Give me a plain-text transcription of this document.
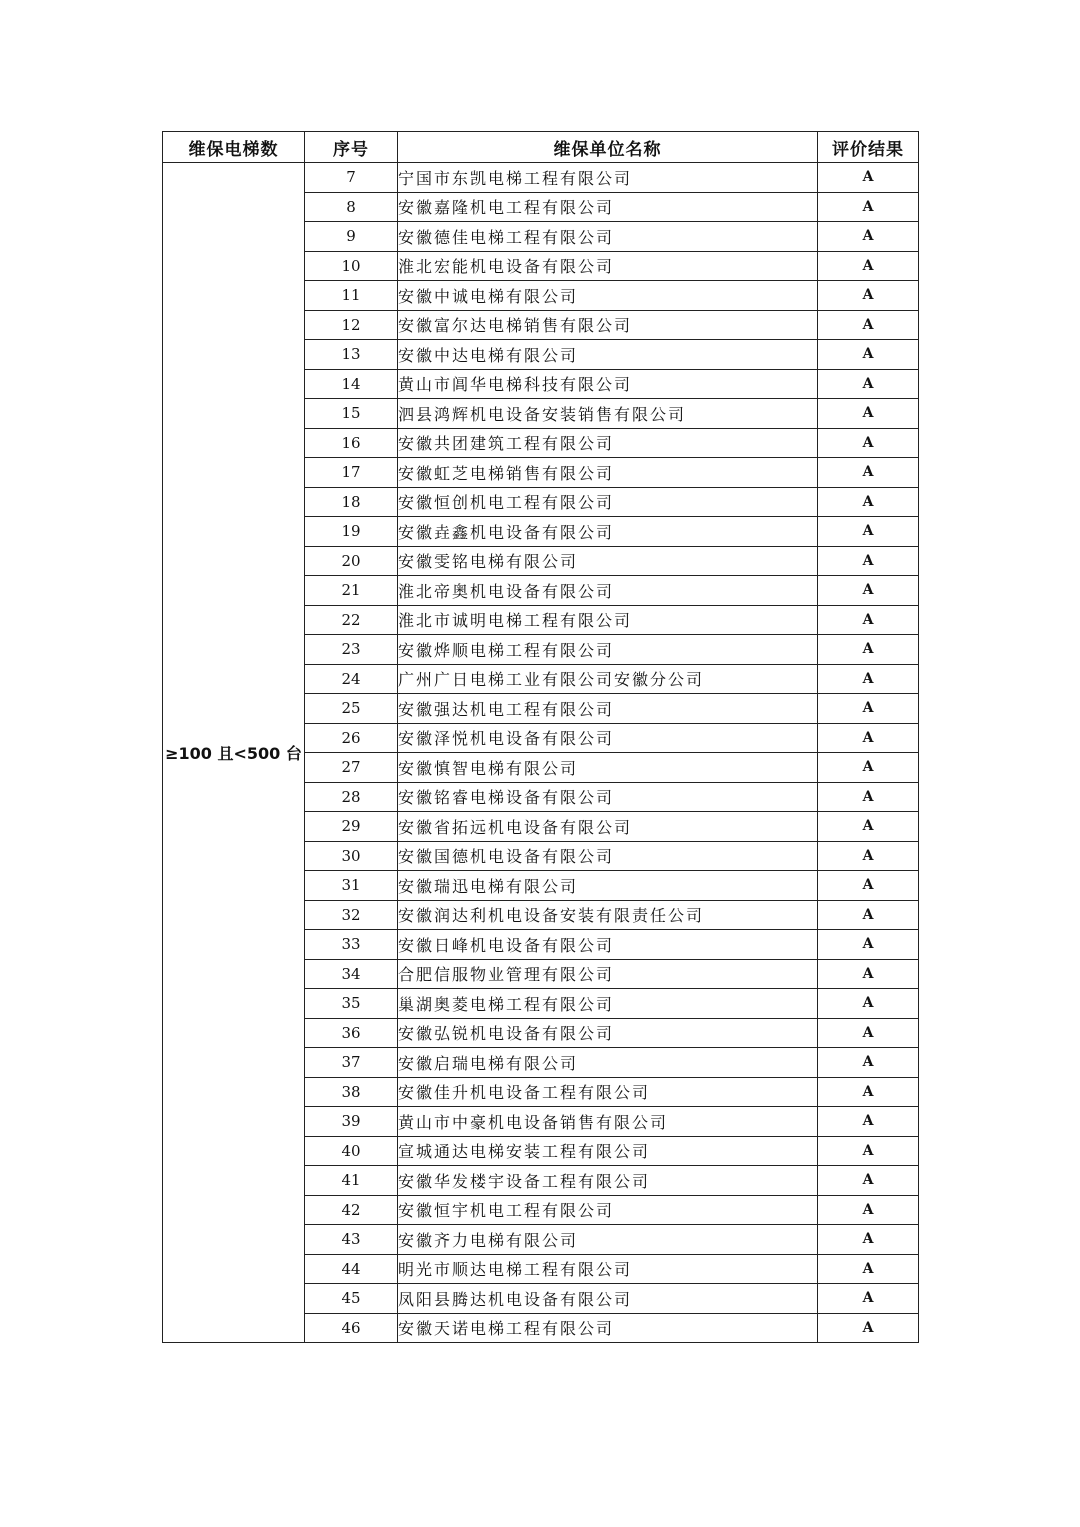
维保电梯数	序号	维保单位名称	评价结果
≥100 且<500 台	7	宁国市东凯电梯工程有限公司	A
	8	安徽嘉隆机电工程有限公司	A
	9	安徽德佳电梯工程有限公司	A
	10	淮北宏能机电设备有限公司	A
	11	安徽中诚电梯有限公司	A
	12	安徽富尔达电梯销售有限公司	A
	13	安徽中达电梯有限公司	A
	14	黄山市阊华电梯科技有限公司	A
	15	泗县鸿辉机电设备安装销售有限公司	A
	16	安徽共团建筑工程有限公司	A
	17	安徽虹芝电梯销售有限公司	A
	18	安徽恒创机电工程有限公司	A
	19	安徽垚鑫机电设备有限公司	A
	20	安徽雯铭电梯有限公司	A
	21	淮北帝奥机电设备有限公司	A
	22	淮北市诚明电梯工程有限公司	A
	23	安徽烨顺电梯工程有限公司	A
	24	广州广日电梯工业有限公司安徽分公司	A
	25	安徽强达机电工程有限公司	A
	26	安徽泽悦机电设备有限公司	A
	27	安徽慎智电梯有限公司	A
	28	安徽铭睿电梯设备有限公司	A
	29	安徽省拓远机电设备有限公司	A
	30	安徽国德机电设备有限公司	A
	31	安徽瑞迅电梯有限公司	A
	32	安徽润达利机电设备安装有限责任公司	A
	33	安徽日峰机电设备有限公司	A
	34	合肥信服物业管理有限公司	A
	35	巢湖奥菱电梯工程有限公司	A
	36	安徽弘锐机电设备有限公司	A
	37	安徽启瑞电梯有限公司	A
	38	安徽佳升机电设备工程有限公司	A
	39	黄山市中豪机电设备销售有限公司	A
	40	宣城通达电梯安装工程有限公司	A
	41	安徽华发楼宇设备工程有限公司	A
	42	安徽恒宇机电工程有限公司	A
	43	安徽齐力电梯有限公司	A
	44	明光市顺达电梯工程有限公司	A
	45	凤阳县腾达机电设备有限公司	A
	46	安徽天诺电梯工程有限公司	A
